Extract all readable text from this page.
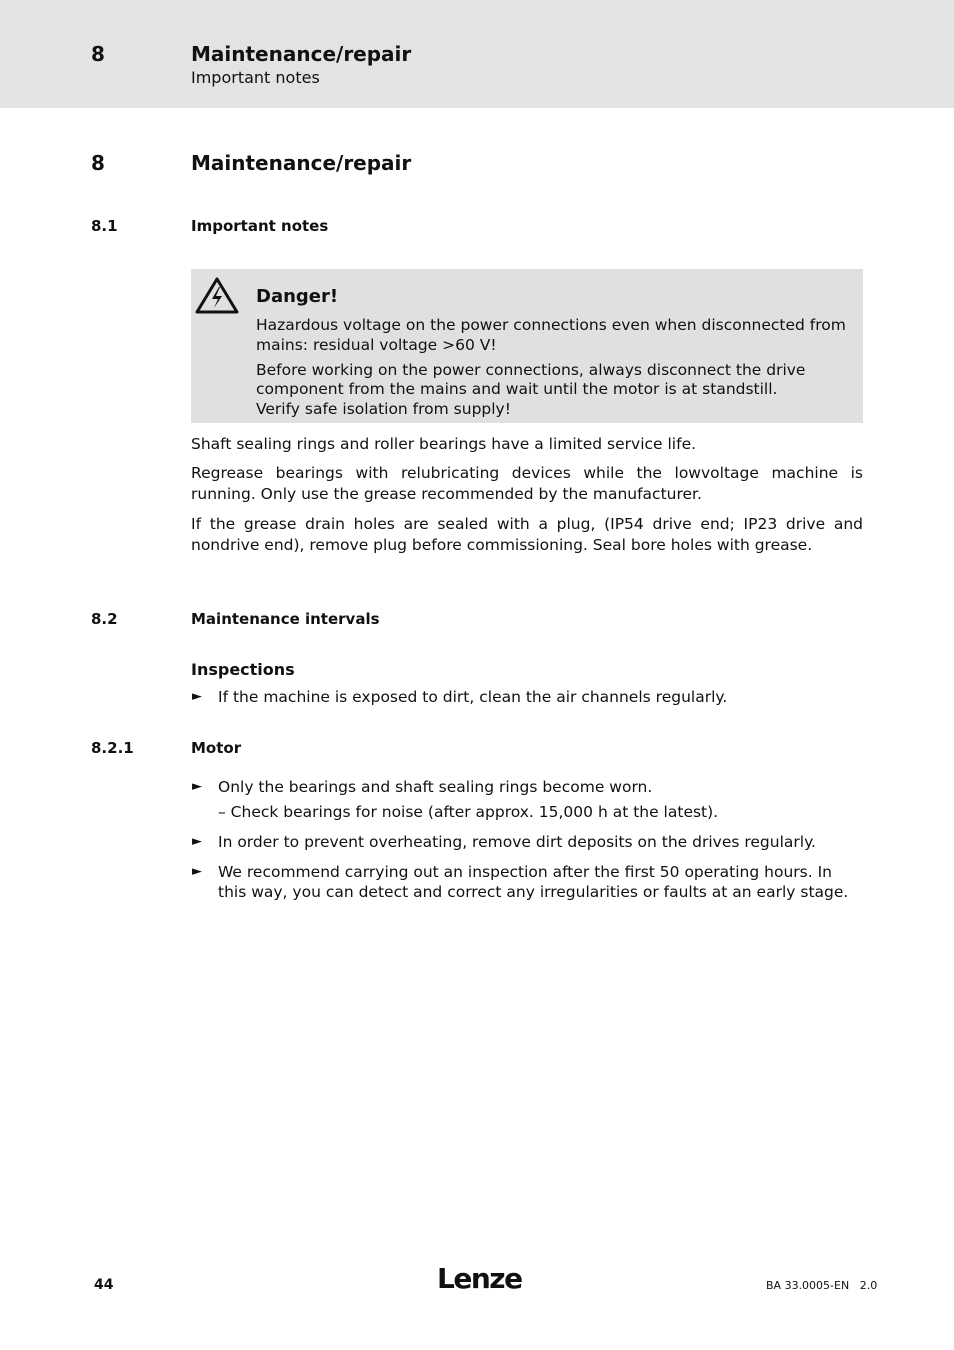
8	Maintenance/repair
Important notes
8	Maintenance/repair
8.1	Important notes
Danger!
Hazardous voltage on the power connections even when disconnected from
mains: residual voltage >60 V!
Before working on the power connections, always disconnect the drive
component from the mains and wait until the motor is at standstill.
Verify safe isolation from supply!
Shaft sealing rings and roller bearings have a limited service life.
Regrease bearings with relubricating devices while the lowvoltage machine is running. Only use the grease recommended by the manufacturer.
If the grease drain holes are sealed with a plug, (IP54 drive end; IP23 drive and nondrive end), remove plug before commissioning. Seal bore holes with grease.
8.2	Maintenance intervals
Inspections
► If the machine is exposed to dirt, clean the air channels regularly.
8.2.1	Motor
► Only the bearings and shaft sealing rings become worn.
– Check bearings for noise (after approx. 15,000 h at the latest).
► In order to prevent overheating, remove dirt deposits on the drives regularly.
► We recommend carrying out an inspection after the first 50 operating hours. In this way, you can detect and correct any irregularities or faults at an early stage.
44	Lenze	BA 33.0005-EN 2.0
